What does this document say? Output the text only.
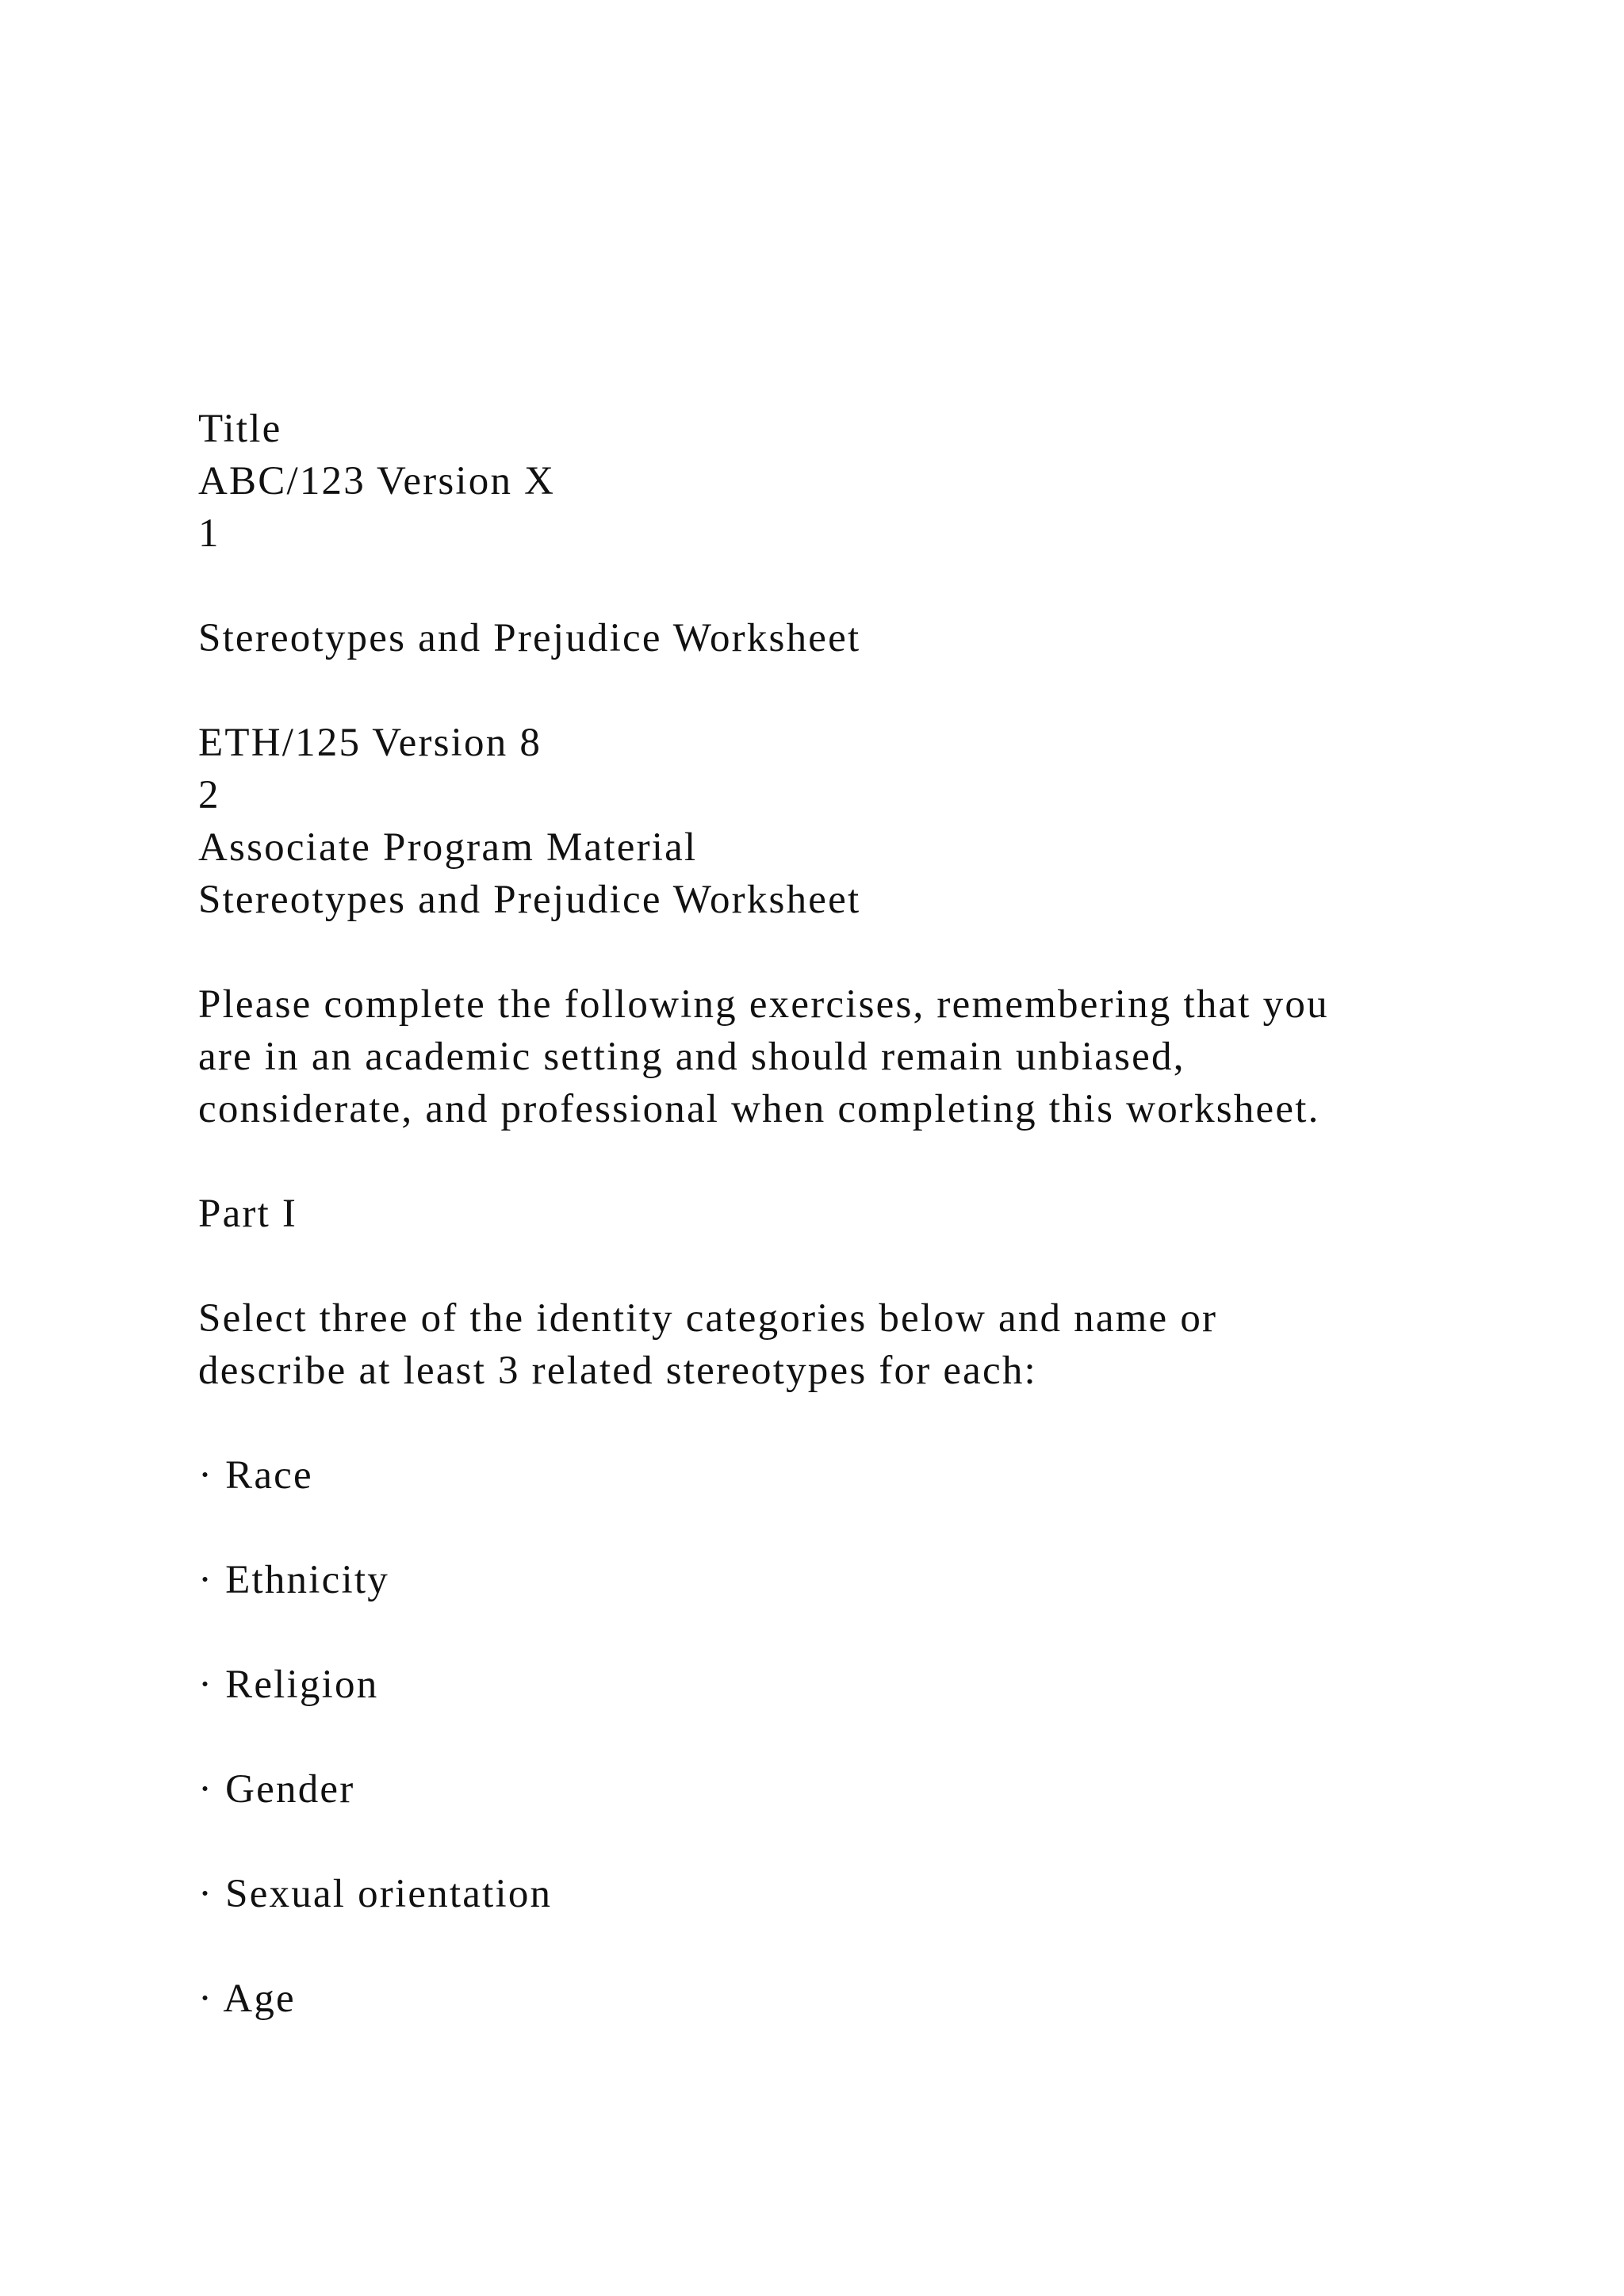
Title
ABC/123 Version X
1
Stereotypes and Prejudice Worksheet
ETH/125 Version 8
2
Associate Program Material
Stereotypes and Prejudice Worksheet
Please complete the following exercises, remembering that you
are in an academic setting and should remain unbiased,
considerate, and professional when completing this worksheet.
Part I
Select three of the identity categories below and name or
describe at least 3 related stereotypes for each:
· Race
· Ethnicity
· Religion
· Gender
· Sexual orientation
· Age
